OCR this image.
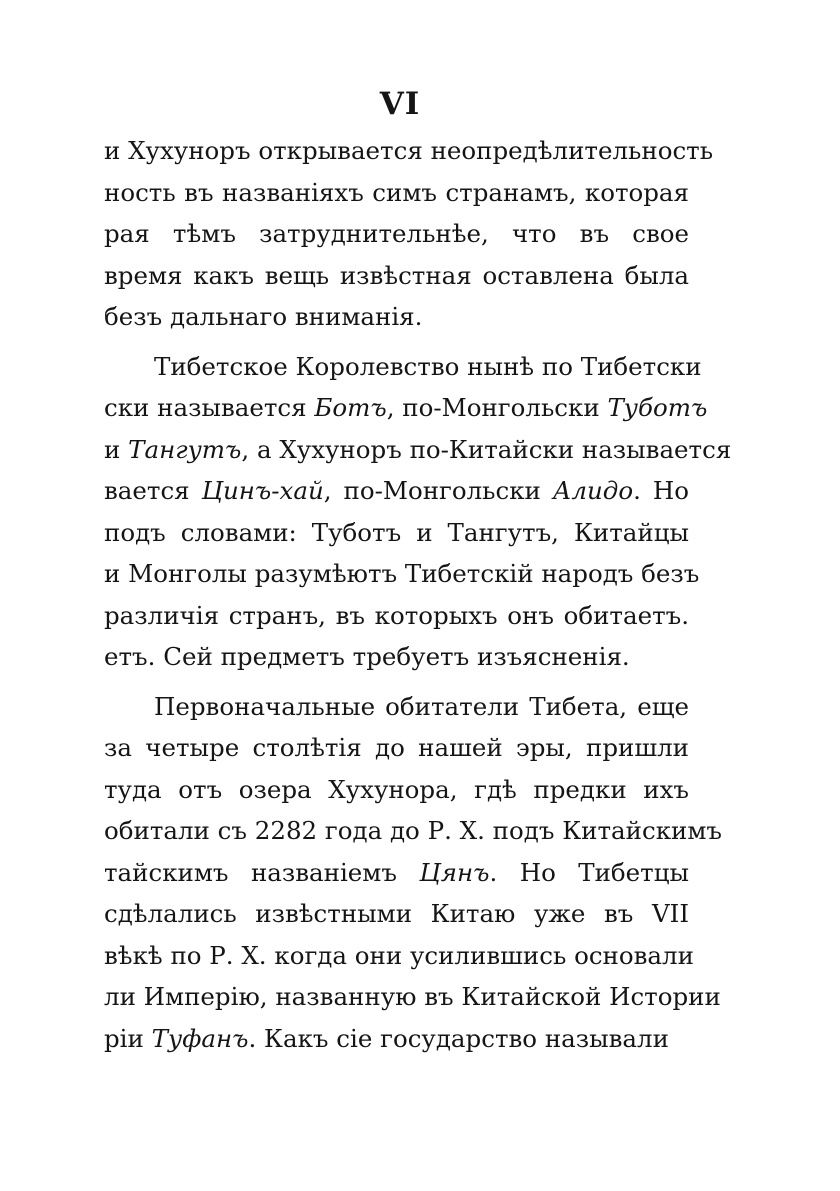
VI
и Хухуноръ открывается неопредѣлительность
ность въ названiяхъ симъ странамъ, которая
рая тѣмъ затруднительнѣе, что въ свое
время какъ вещь извѣстная оставлена была
безъ дальнаго вниманiя.
Тибетское Королевство нынѣ по Тибетски
ски называется Ботъ, по-Монгольски Туботъ
и Тангутъ, а Хухуноръ по-Китайски называется
вается Цинъ-хай, по-Монгольски Алидо. Но
подъ словами: Туботъ и Тангутъ, Китайцы
и Монголы разумѣютъ Тибетскiй народъ безъ
различiя странъ, въ которыхъ онъ обитаетъ.
етъ. Сей предметъ требуетъ изъясненiя.
Первоначальные обитатели Тибета, еще
за четыре столѣтiя до нашей эры, пришли
туда отъ озера Хухунора, гдѣ предки ихъ
обитали съ 2282 года до Р. Х. подъ Китайскимъ
тайскимъ названiемъ Цянъ. Но Тибетцы
сдѣлались извѣстными Китаю уже въ VII
вѣкѣ по Р. Х. когда они усилившись основали
ли Имперiю, названную въ Китайской Истории
рiи Туфанъ. Какъ сiе государство называли
